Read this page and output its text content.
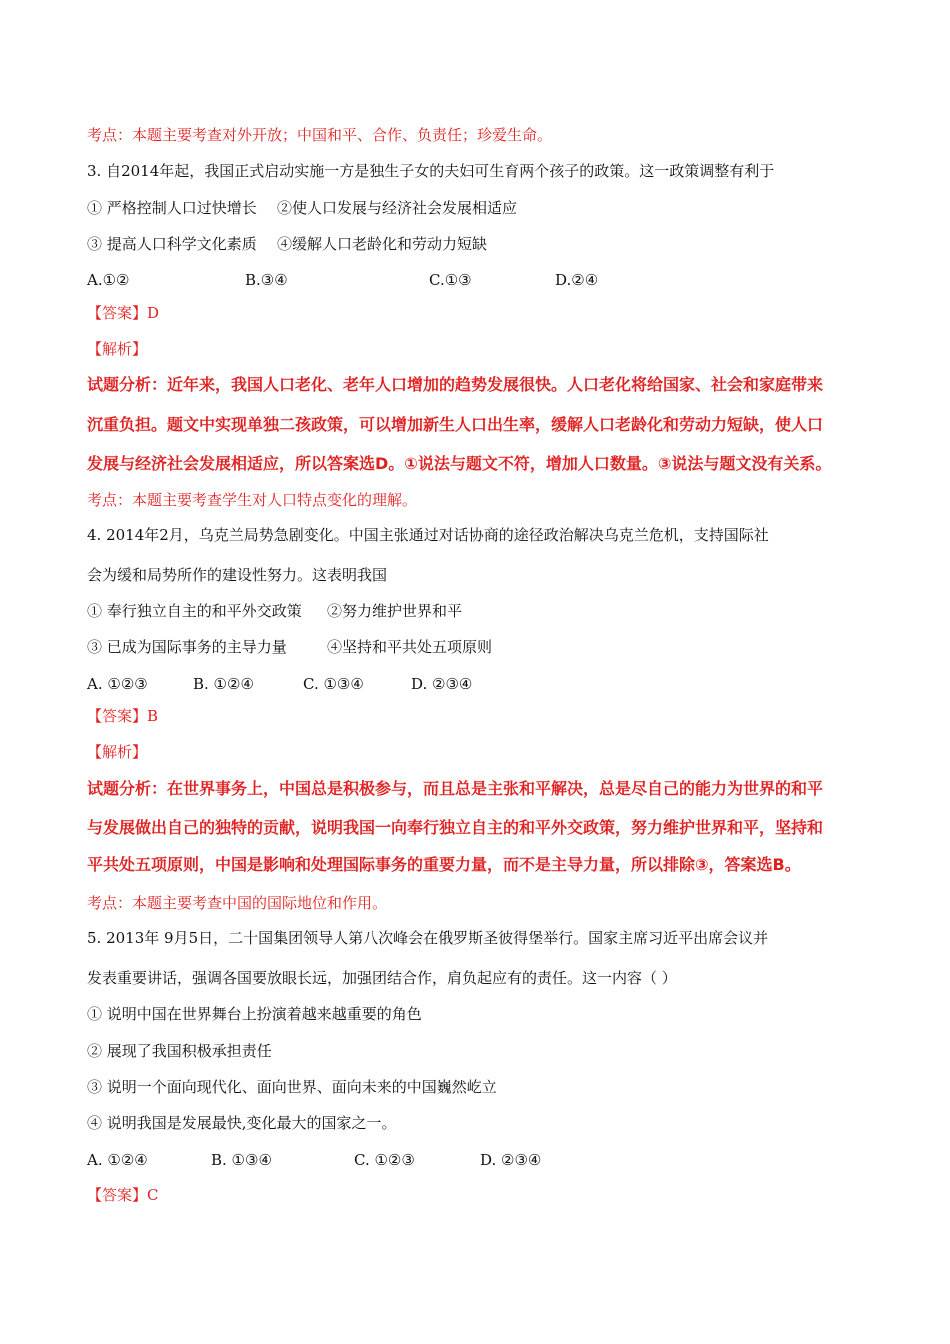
考点：本题主要考查对外开放；中国和平、合作、负责任；珍爱生命。
3. 自2014年起，我国正式启动实施一方是独生子女的夫妇可生育两个孩子的政策。这一政策调整有利于
① 严格控制人口过快增长 ②使人口发展与经济社会发展相适应
③ 提高人口科学文化素质 ④缓解人口老龄化和劳动力短缺
A.①②	B.③④	C.①③	D.②④
【答案】D
【解析】
试题分析：近年来，我国人口老化、老年人口增加的趋势发展很快。人口老化将给国家、社会和家庭带来
沉重负担。题文中实现单独二孩政策，可以增加新生人口出生率，缓解人口老龄化和劳动力短缺，使人口
发展与经济社会发展相适应，所以答案选D。①说法与题文不符，增加人口数量。③说法与题文没有关系。
考点：本题主要考查学生对人口特点变化的理解。
4. 2014年2月，乌克兰局势急剧变化。中国主张通过对话协商的途径政治解决乌克兰危机，支持国际社
会为缓和局势所作的建设性努力。这表明我国
① 奉行独立自主的和平外交政策 ②努力维护世界和平
③ 已成为国际事务的主导力量	④坚持和平共处五项原则
A. ①②③	B. ①②④	C. ①③④	D. ②③④
【答案】B
【解析】
试题分析：在世界事务上，中国总是积极参与，而且总是主张和平解决，总是尽自己的能力为世界的和平
与发展做出自己的独特的贡献，说明我国一向奉行独立自主的和平外交政策，努力维护世界和平，坚持和
平共处五项原则，中国是影响和处理国际事务的重要力量，而不是主导力量，所以排除③，答案选B。
考点：本题主要考查中国的国际地位和作用。
5. 2013年 9月5日，二十国集团领导人第八次峰会在俄罗斯圣彼得堡举行。国家主席习近平出席会议并
发表重要讲话，强调各国要放眼长远，加强团结合作，肩负起应有的责任。这一内容（ ）
① 说明中国在世界舞台上扮演着越来越重要的角色
② 展现了我国积极承担责任
③ 说明一个面向现代化、面向世界、面向未来的中国巍然屹立
④ 说明我国是发展最快,变化最大的国家之一。
A. ①②④	B. ①③④	C. ①②③	D. ②③④
【答案】C
